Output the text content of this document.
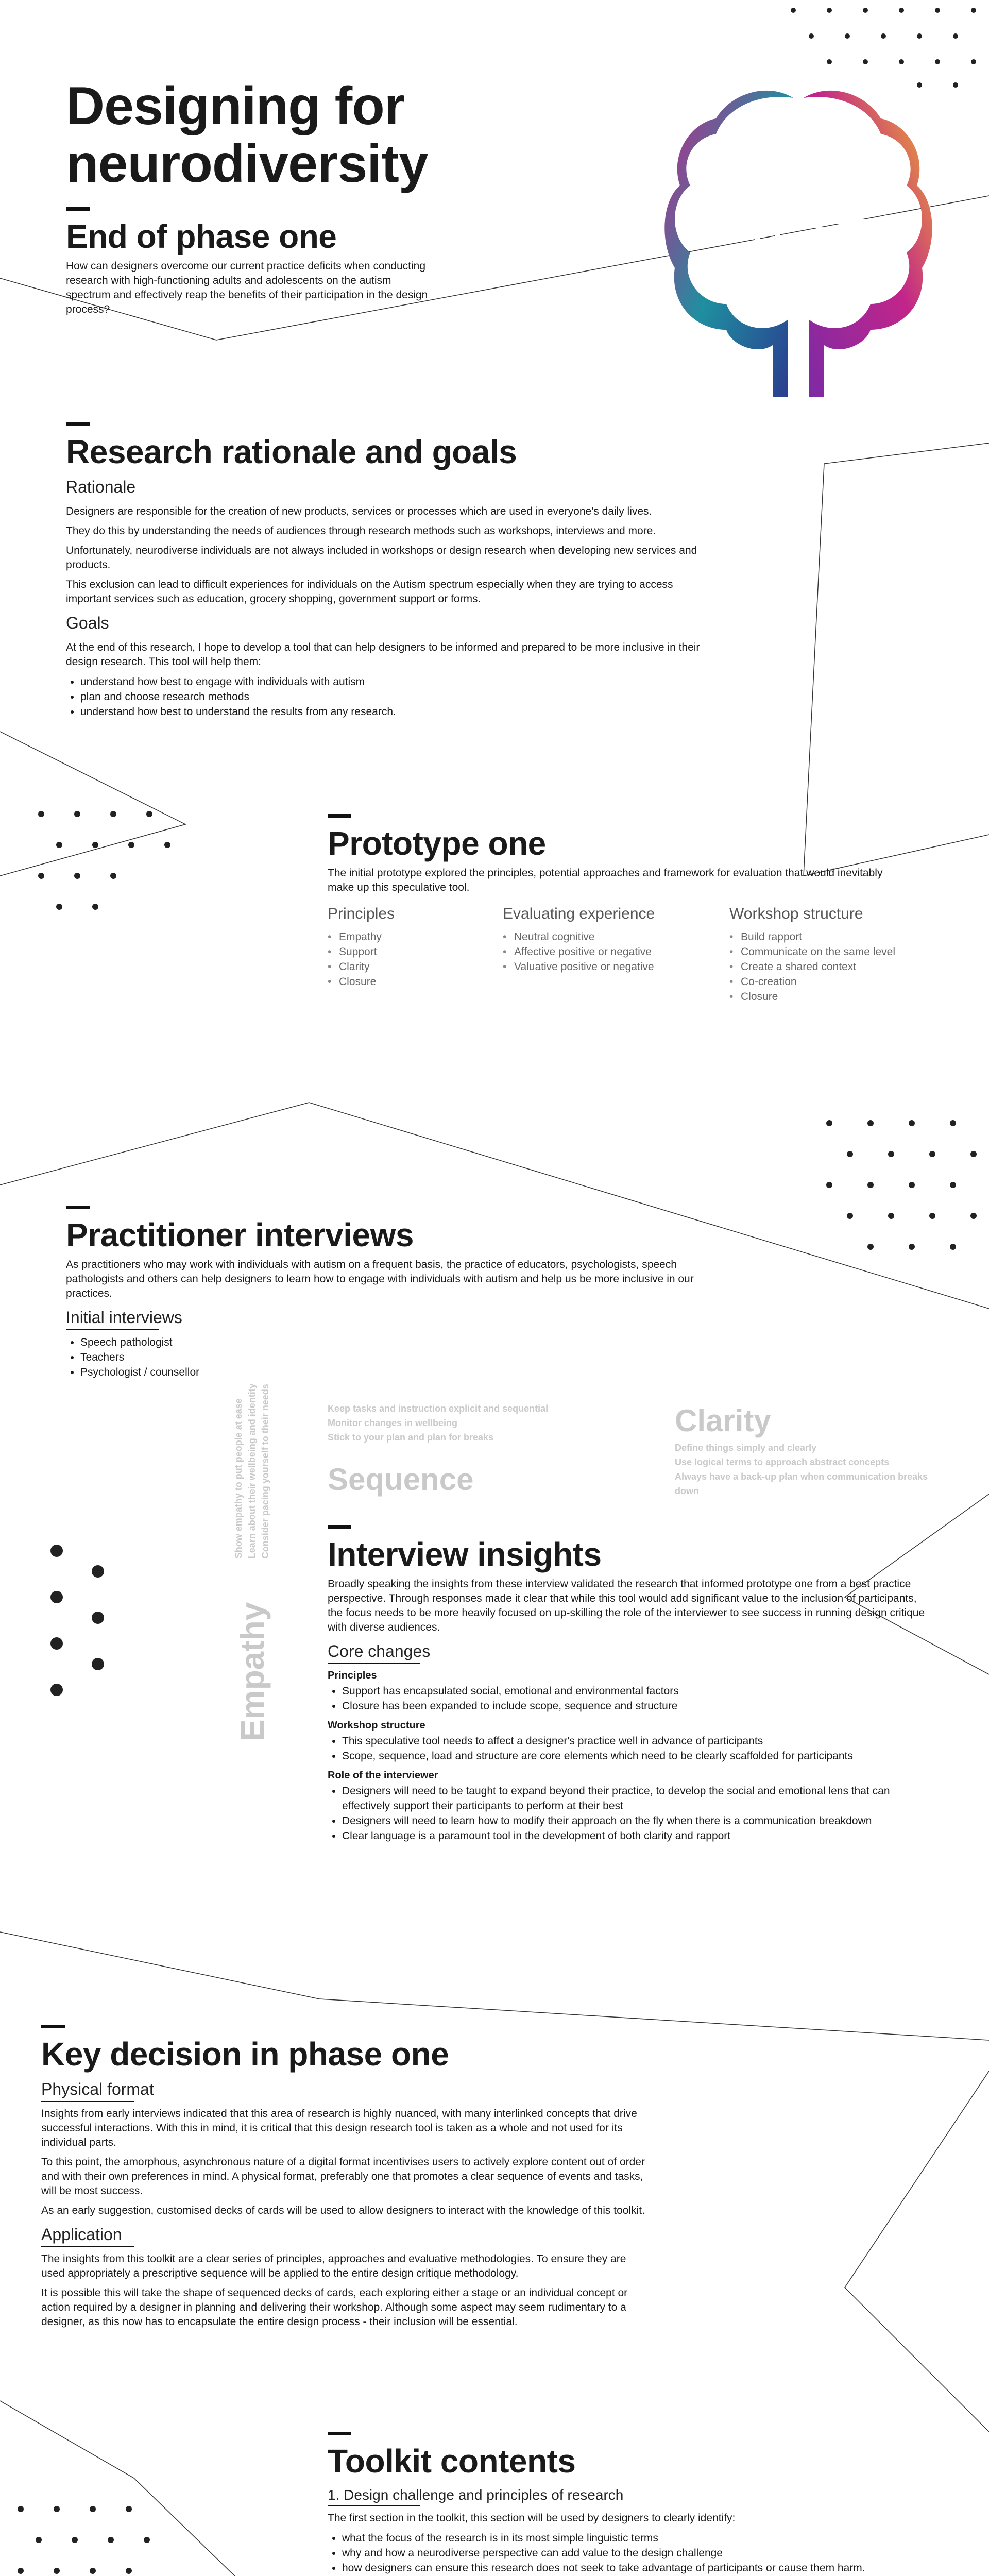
Designing for neurodiversity
End of phase one

How can designers overcome our current practice deficits when conducting research with high-functioning adults and adolescents on the autism spectrum and effectively reap the benefits of their participation in the design process?

Research rationale and goals
Rationale

Designers are responsible for the creation of new products, services or processes which are used in everyone's daily lives.

They do this by understanding the needs of audiences through research methods such as workshops, interviews and more.

Unfortunately, neurodiverse individuals are not always included in workshops or design research when developing new services and products.

This exclusion can lead to difficult experiences for individuals on the Autism spectrum especially when they are trying to access important services such as education, grocery shopping, government support or forms.

Goals

At the end of this research, I hope to develop a tool that can help designers to be informed and prepared to be more inclusive in their design research. This tool will help them:

• understand how best to engage with individuals with autism
• plan and choose research methods
• understand how best to understand the results from any research.
Prototype one

The initial prototype explored the principles, potential approaches and framework for evaluation that would inevitably make up this speculative tool.

Principles
• Empathy
• Support
• Clarity
• Closure
Evaluating experience
• Neutral cognitive
• Affective positive or negative
• Valuative positive or negative
Workshop structure
• Build rapport
• Communicate on the same level
• Create a shared context
• Co-creation
• Closure
Practitioner interviews

As practitioners who may work with individuals with autism on a frequent basis, the practice of educators, psychologists, speech pathologists and others can help designers to learn how to engage with individuals with autism and help us be more inclusive in our practices.

Initial interviews
• Speech pathologist
• Teachers
• Psychologist / counsellor
Keep tasks and instruction explicit and sequential
Monitor changes in wellbeing
Stick to your plan and plan for breaks
Sequence
Clarity
Define things simply and clearly
Use logical terms to approach abstract concepts
Always have a back-up plan when communication breaks down
Empathy
Show empathy to put people at ease Learn about their wellbeing and identity Consider pacing yourself to their needs Interview insights

Broadly speaking the insights from these interview validated the research that informed prototype one from a best practice perspective. Through responses made it clear that while this tool would add significant value to the inclusion of participants, the focus needs to be more heavily focused on up-skilling the role of the interviewer to see success in running design critique with diverse audiences.

Core changes
Principles
• Support has encapsulated social, emotional and environmental factors
• Closure has been expanded to include scope, sequence and structure
Workshop structure
• This speculative tool needs to affect a designer's practice well in advance of participants
• Scope, sequence, load and structure are core elements which need to be clearly scaffolded for participants
Role of the interviewer
• Designers will need to be taught to expand beyond their practice, to develop the social and emotional lens that can effectively support their participants to perform at their best
• Designers will need to learn how to modify their approach on the fly when there is a communication breakdown
• Clear language is a paramount tool in the development of both clarity and rapport
Key decision in phase one
Physical format

Insights from early interviews indicated that this area of research is highly nuanced, with many interlinked concepts that drive successful interactions. With this in mind, it is critical that this design research tool is taken as a whole and not used for its individual parts.

To this point, the amorphous, asynchronous nature of a digital format incentivises users to actively explore content out of order and with their own preferences in mind. A physical format, preferably one that promotes a clear sequence of events and tasks, will be most success.

As an early suggestion, customised decks of cards will be used to allow designers to interact with the knowledge of this toolkit.

Application

The insights from this toolkit are a clear series of principles, approaches and evaluative methodologies. To ensure they are used appropriately a prescriptive sequence will be applied to the entire design critique methodology.

It is possible this will take the shape of sequenced decks of cards, each exploring either a stage or an individual concept or action required by a designer in planning and delivering their workshop. Although some aspect may seem rudimentary to a designer, as this now has to encapsulate the entire design process - their inclusion will be essential.

Toolkit contents
1. Design challenge and principles of research

The first section in the toolkit, this section will be used by designers to clearly identify:

• what the focus of the research is in its most simple linguistic terms
• why and how a neurodiverse perspective can add value to the design challenge
• how designers can ensure this research does not seek to take advantage of participants or cause them harm.
